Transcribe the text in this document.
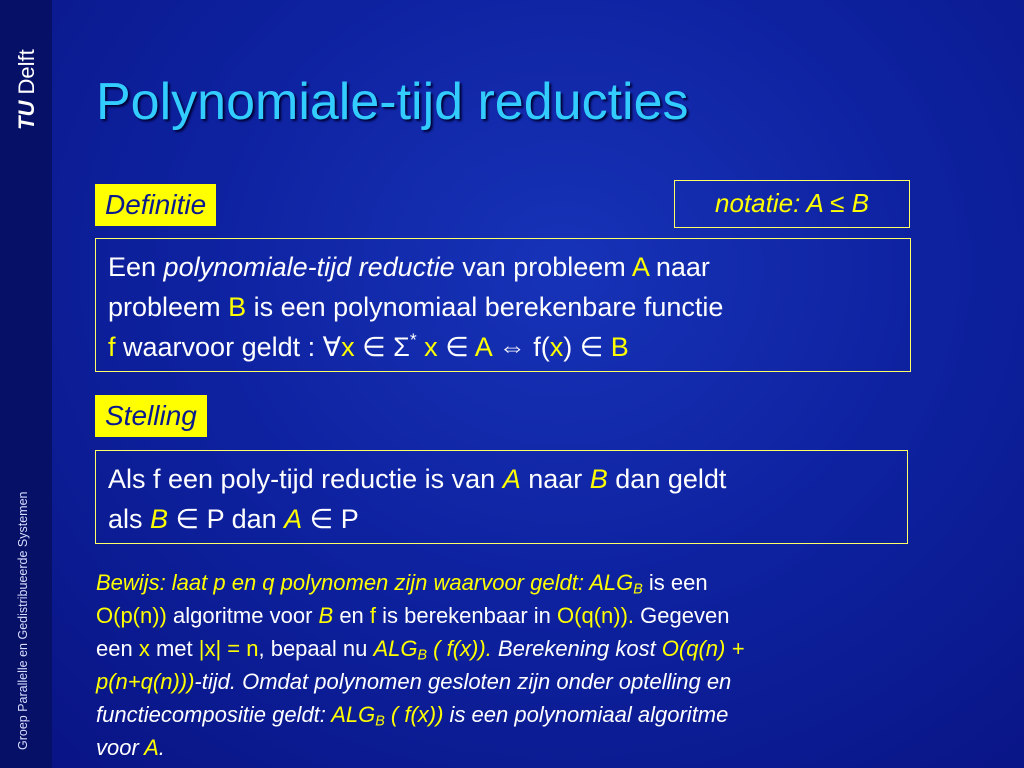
TU Delft
Groep Parallelle en Gedistribueerde Systemen
Polynomiale-tijd reducties
Definitie	notatie: A ≤ B
Een polynomiale-tijd reductie van probleem A naar
probleem B is een polynomiaal berekenbare functie
f waarvoor geldt : ∀x ∈ Σ* x ∈ A ⇔ f(x) ∈ B
Stelling
Als f een poly-tijd reductie is van A naar B dan geldt
als B ∈ P dan A ∈ P
Bewijs: laat p en q polynomen zijn waarvoor geldt: $ALG_B$ is een
O(p(n)) algoritme voor B en f is berekenbaar in O(q(n)). Gegeven
een x met |x| = n, bepaal nu $ALG_B$ ( f(x)). Berekening kost O(q(n) +
p(n+q(n)))-tijd. Omdat polynomen gesloten zijn onder optelling en
functiecompositie geldt: $ALG_B$ ( f(x)) is een polynomiaal algoritme
voor A.
